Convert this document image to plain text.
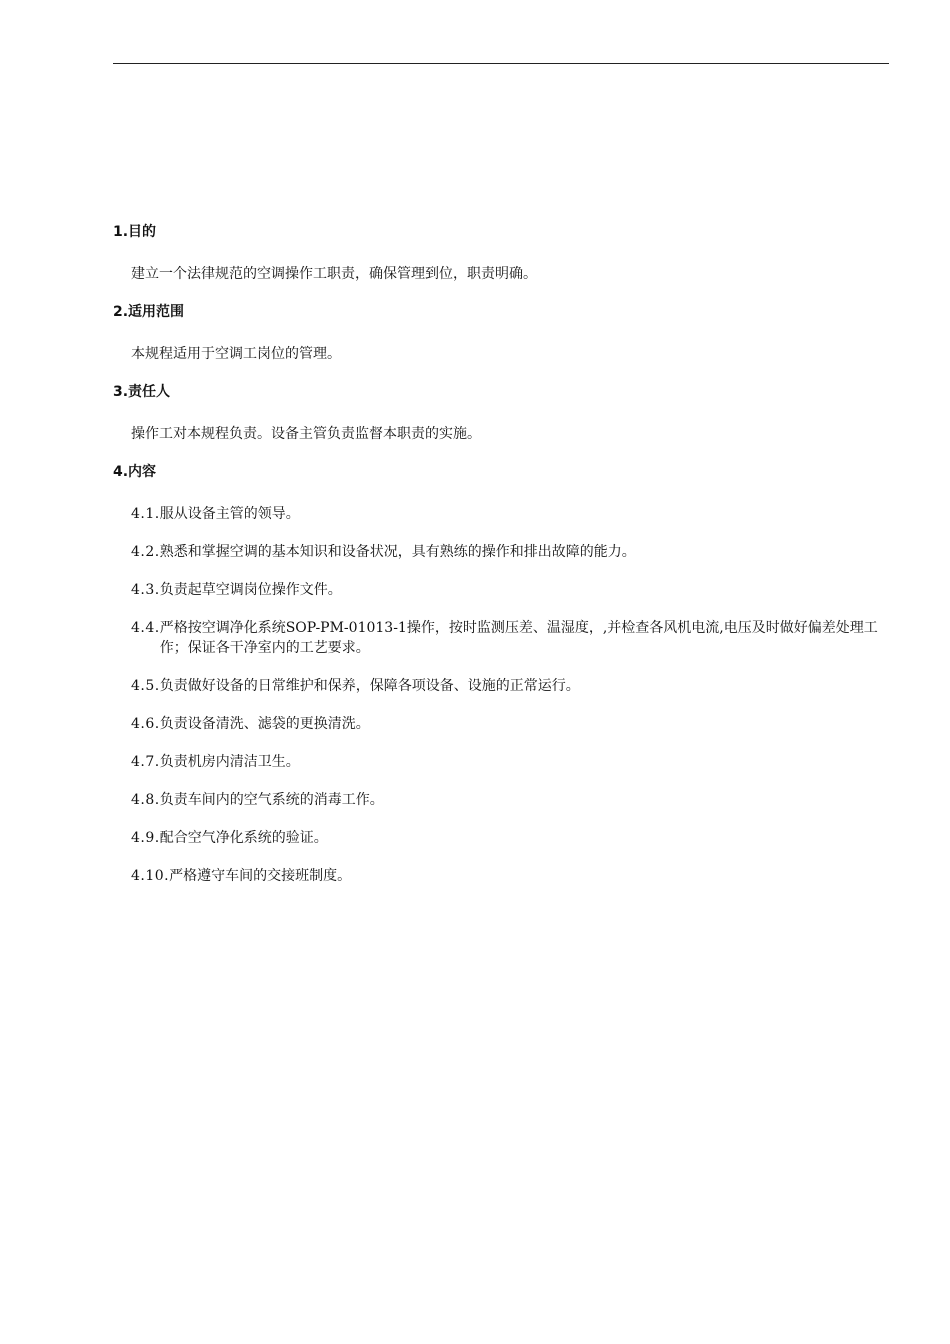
1.目的
建立一个法律规范的空调操作工职责，确保管理到位，职责明确。
2.适用范围
本规程适用于空调工岗位的管理。
3.责任人
操作工对本规程负责。设备主管负责监督本职责的实施。
4.内容
4.1. 服从设备主管的领导。
4.2. 熟悉和掌握空调的基本知识和设备状况，具有熟练的操作和排出故障的能力。
4.3. 负责起草空调岗位操作文件。
4.4. 严格按空调净化系统SOP-PM-01013-1操作，按时监测压差、温湿度，,并检查各风机电流,电压及时做好偏差处理工作；保证各干净室内的工艺要求。
4.5. 负责做好设备的日常维护和保养，保障各项设备、设施的正常运行。
4.6. 负责设备清洗、滤袋的更换清洗。
4.7. 负责机房内清洁卫生。
4.8. 负责车间内的空气系统的消毒工作。
4.9. 配合空气净化系统的验证。
4.10. 严格遵守车间的交接班制度。
